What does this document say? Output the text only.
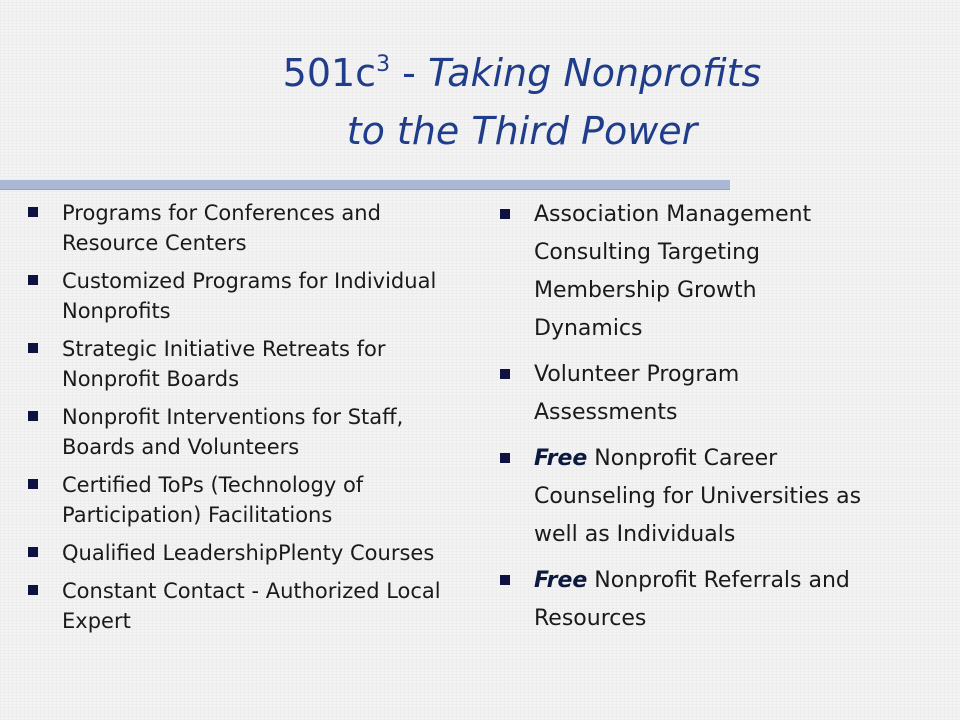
$501c^3$ - Taking Nonprofits
to the Third Power
Programs for Conferences and Resource Centers
Customized Programs for Individual Nonprofits
Strategic Initiative Retreats for Nonprofit Boards
Nonprofit Interventions for Staff, Boards and Volunteers
Certified ToPs (Technology of Participation) Facilitations
Qualified LeadershipPlenty Courses
Constant Contact - Authorized Local Expert
Association Management Consulting Targeting Membership Growth Dynamics
Volunteer Program Assessments
Free Nonprofit Career Counseling for Universities as well as Individuals
Free Nonprofit Referrals and Resources
